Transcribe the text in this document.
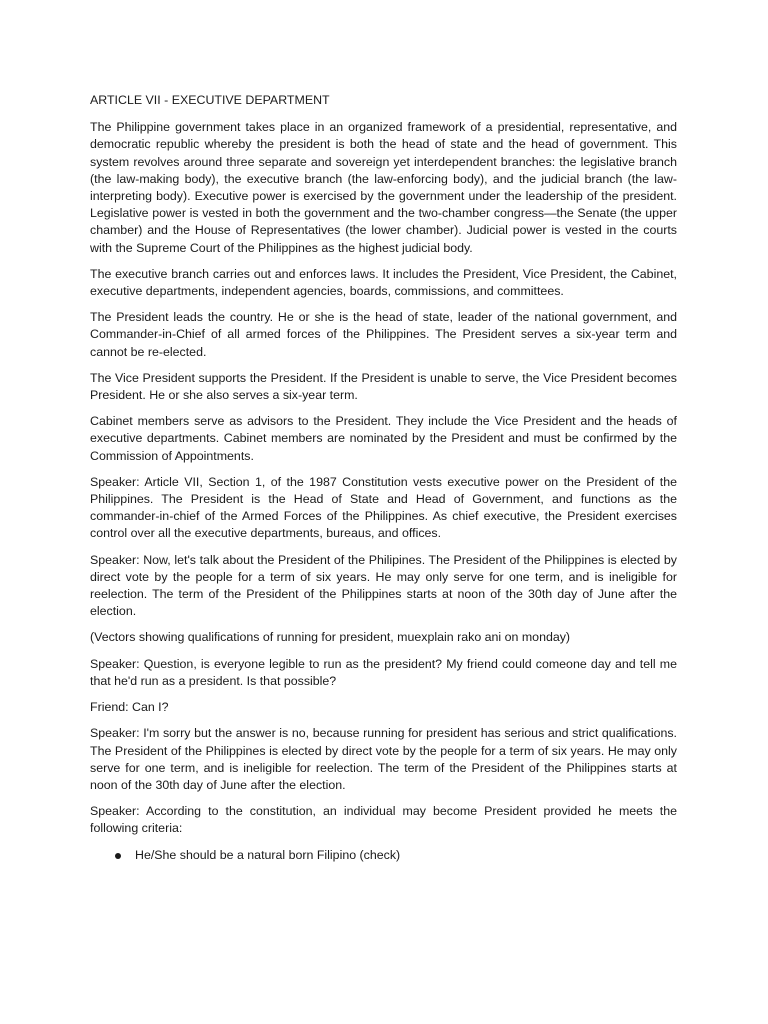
ARTICLE VII - EXECUTIVE DEPARTMENT

The Philippine government takes place in an organized framework of a presidential, representative, and democratic republic whereby the president is both the head of state and the head of government. This system revolves around three separate and sovereign yet interdependent branches: the legislative branch (the law-making body), the executive branch (the law-enforcing body), and the judicial branch (the law-interpreting body). Executive power is exercised by the government under the leadership of the president. Legislative power is vested in both the government and the two-chamber congress—the Senate (the upper chamber) and the House of Representatives (the lower chamber). Judicial power is vested in the courts with the Supreme Court of the Philippines as the highest judicial body.

The executive branch carries out and enforces laws. It includes the President, Vice President, the Cabinet, executive departments, independent agencies, boards, commissions, and committees.

The President leads the country. He or she is the head of state, leader of the national government, and Commander-in-Chief of all armed forces of the Philippines. The President serves a six-year term and cannot be re-elected.

The Vice President supports the President. If the President is unable to serve, the Vice President becomes President. He or she also serves a six-year term.

Cabinet members serve as advisors to the President. They include the Vice President and the heads of executive departments. Cabinet members are nominated by the President and must be confirmed by the Commission of Appointments.

Speaker: Article VII, Section 1, of the 1987 Constitution vests executive power on the President of the Philippines. The President is the Head of State and Head of Government, and functions as the commander-in-chief of the Armed Forces of the Philippines. As chief executive, the President exercises control over all the executive departments, bureaus, and offices.

Speaker: Now, let's talk about the President of the Philipines. The President of the Philippines is elected by direct vote by the people for a term of six years. He may only serve for one term, and is ineligible for reelection. The term of the President of the Philippines starts at noon of the 30th day of June after the election.

(Vectors showing qualifications of running for president, muexplain rako ani on monday)

Speaker: Question, is everyone legible to run as the president? My friend could comeone day and tell me that he'd run as a president. Is that possible?

Friend: Can I?

Speaker: I'm sorry but the answer is no, because running for president has serious and strict qualifications. The President of the Philippines is elected by direct vote by the people for a term of six years. He may only serve for one term, and is ineligible for reelection. The term of the President of the Philippines starts at noon of the 30th day of June after the election.

Speaker: According to the constitution, an individual may become President provided he meets the following criteria:

He/She should be a natural born Filipino (check)
